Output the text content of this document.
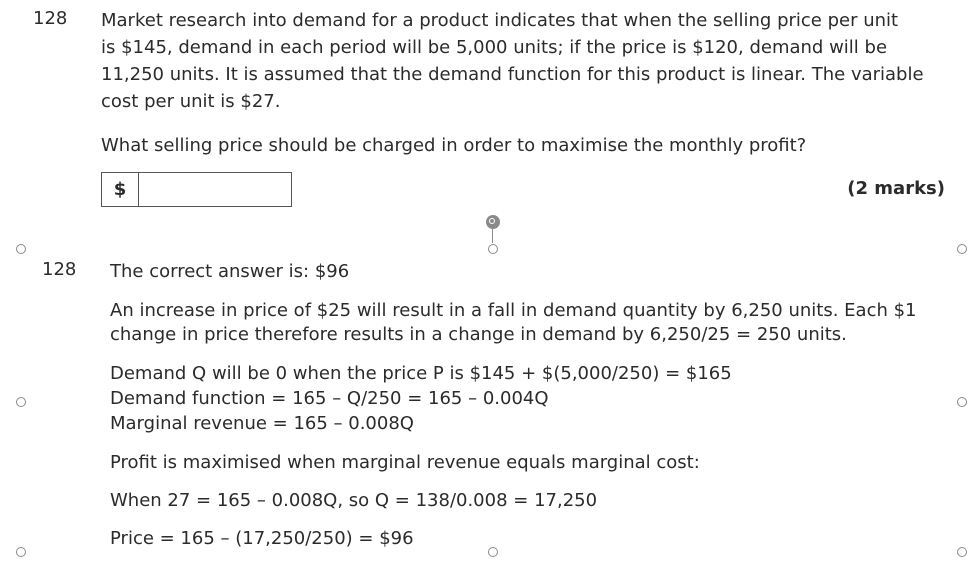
128 Market research into demand for a product indicates that when the selling price per unit
is $145, demand in each period will be 5,000 units; if the price is $120, demand will be
11,250 units. It is assumed that the demand function for this product is linear. The variable
cost per unit is $27.
What selling price should be charged in order to maximise the monthly profit?
$	(2 marks)
128 The correct answer is: $96
An increase in price of $25 will result in a fall in demand quantity by 6,250 units. Each $1
change in price therefore results in a change in demand by 6,250/25 = 250 units.
Demand Q will be 0 when the price P is $145 + $(5,000/250) = $165
Demand function = 165 – Q/250 = 165 – 0.004Q
Marginal revenue = 165 – 0.008Q
Profit is maximised when marginal revenue equals marginal cost:
When 27 = 165 – 0.008Q, so Q = 138/0.008 = 17,250
Price = 165 – (17,250/250) = $96
